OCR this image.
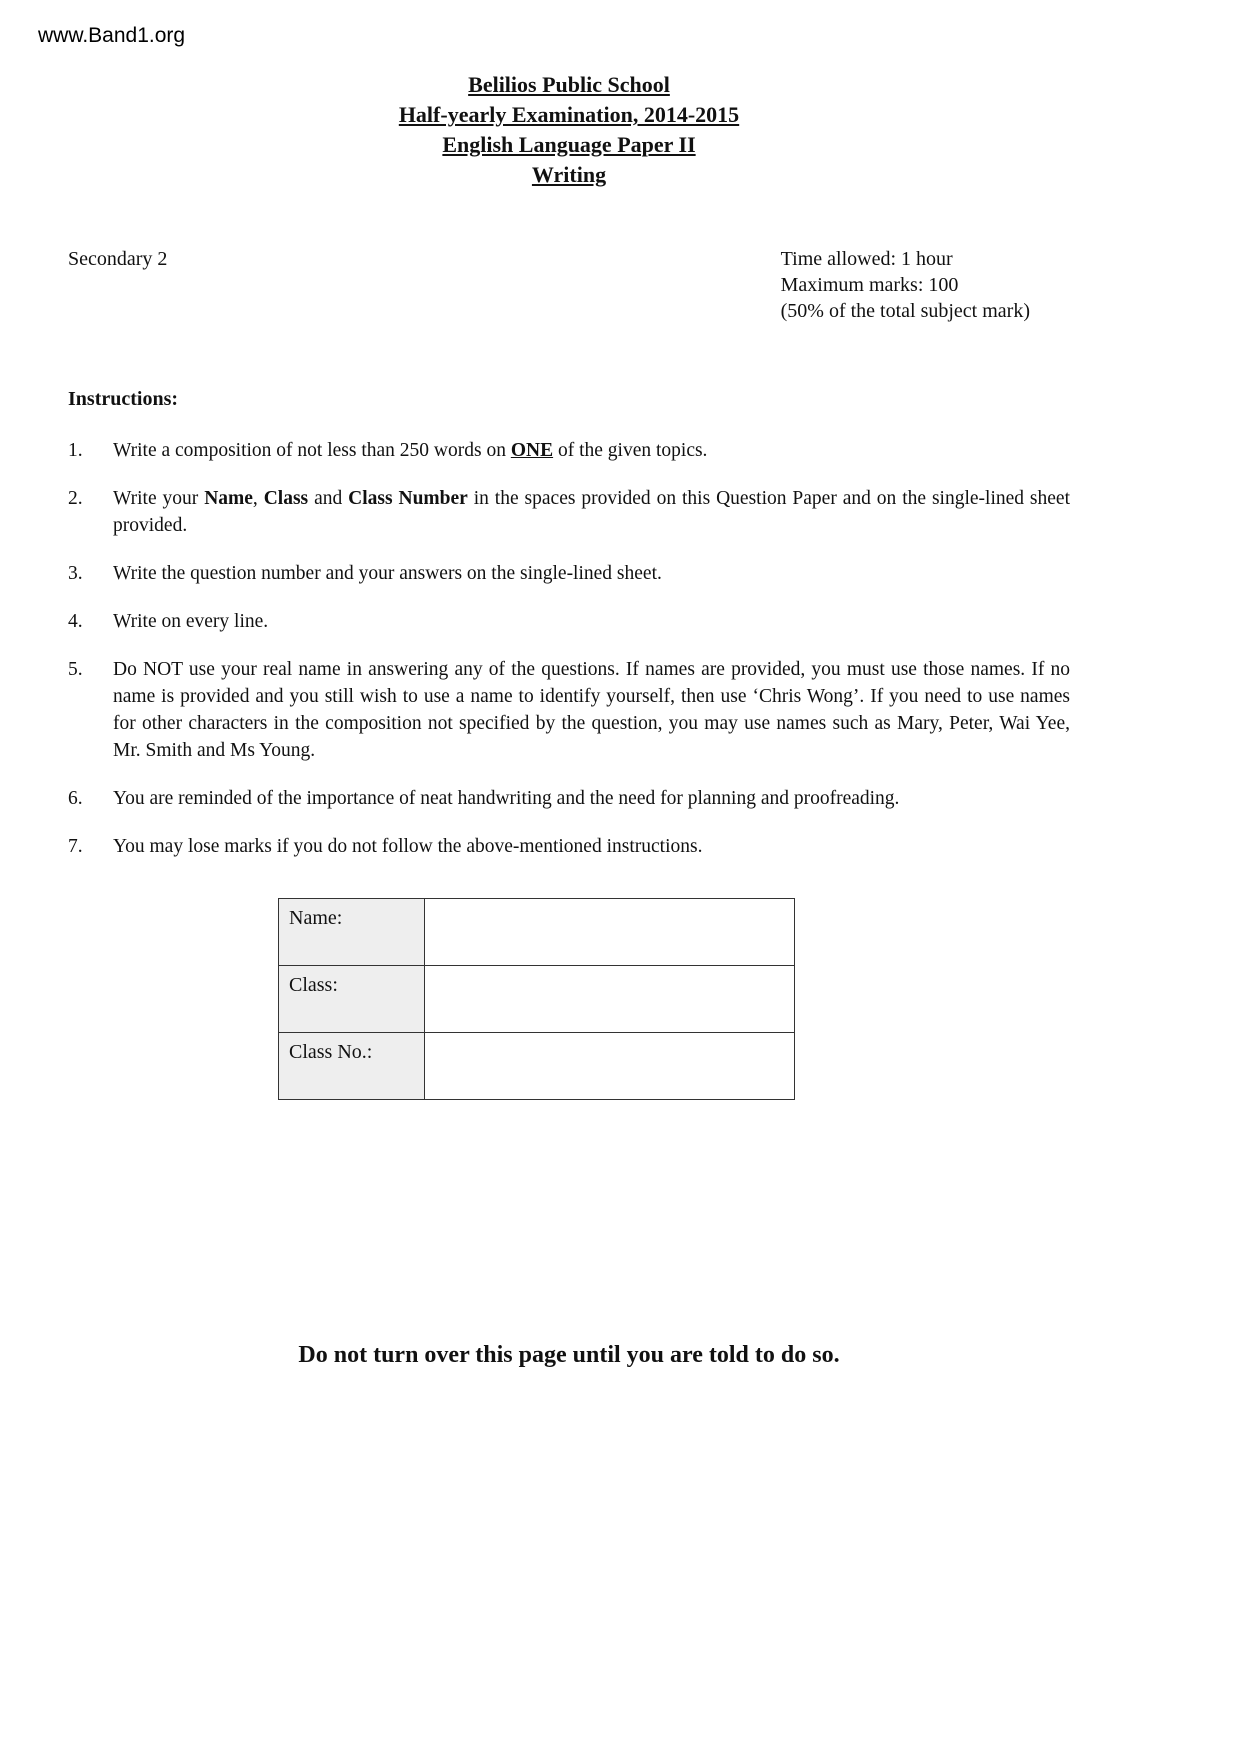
www.Band1.org
Belilios Public School
Half-yearly Examination, 2014-2015
English Language Paper II
Writing
Secondary 2	Time allowed: 1 hour
Maximum marks: 100
(50% of the total subject mark)
Instructions:
1.	Write a composition of not less than 250 words on ONE of the given topics.
2.	Write your Name, Class and Class Number in the spaces provided on this Question Paper and on the single-lined sheet provided.
3.	Write the question number and your answers on the single-lined sheet.
4.	Write on every line.
5.	Do NOT use your real name in answering any of the questions. If names are provided, you must use those names. If no name is provided and you still wish to use a name to identify yourself, then use ‘Chris Wong’. If you need to use names for other characters in the composition not specified by the question, you may use names such as Mary, Peter, Wai Yee, Mr. Smith and Ms Young.
6.	You are reminded of the importance of neat handwriting and the need for planning and proofreading.
7.	You may lose marks if you do not follow the above-mentioned instructions.
Name:	
Class:	
Class No.:	
Do not turn over this page until you are told to do so.
